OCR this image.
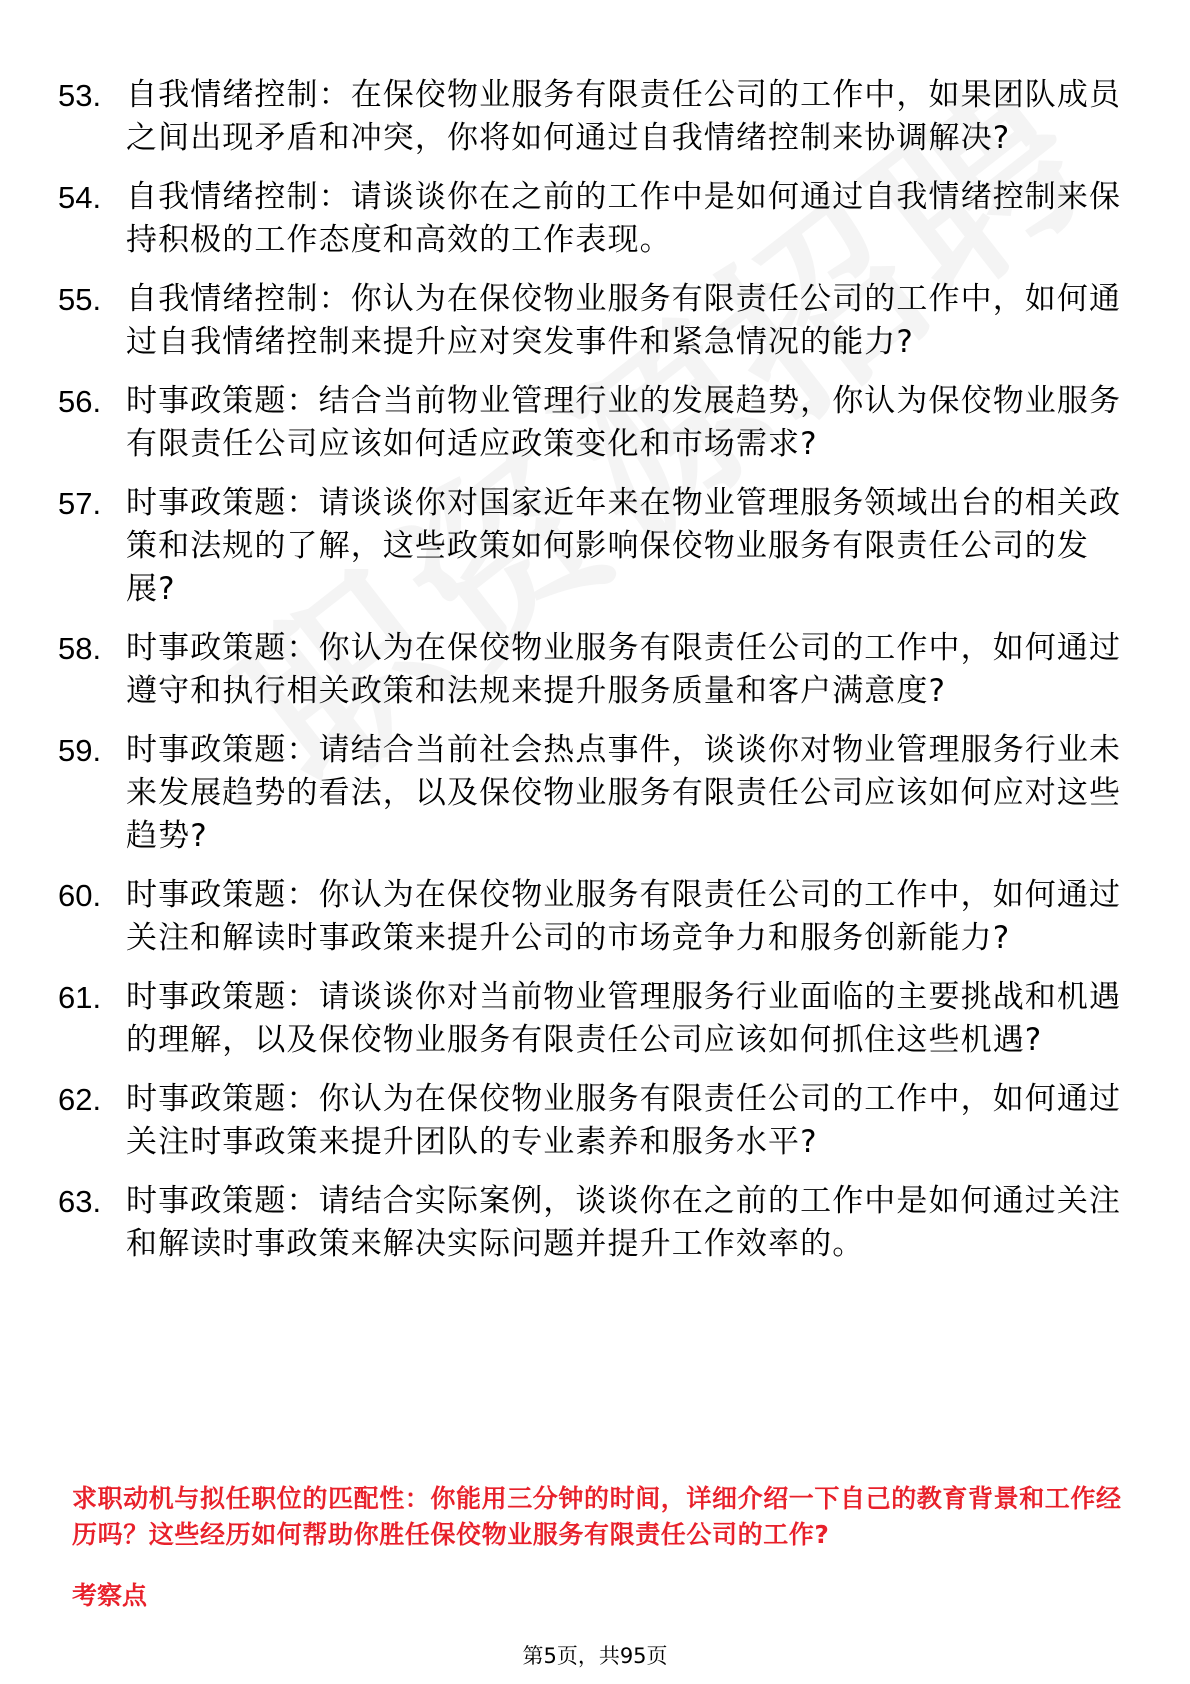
53. 自我情绪控制：在保佼物业服务有限责任公司的工作中，如果团队成员之间出现矛盾和冲突，你将如何通过自我情绪控制来协调解决?
54. 自我情绪控制：请谈谈你在之前的工作中是如何通过自我情绪控制来保持积极的工作态度和高效的工作表现。
55. 自我情绪控制：你认为在保佼物业服务有限责任公司的工作中，如何通过自我情绪控制来提升应对突发事件和紧急情况的能力?
56. 时事政策题：结合当前物业管理行业的发展趋势，你认为保佼物业服务有限责任公司应该如何适应政策变化和市场需求?
57. 时事政策题：请谈谈你对国家近年来在物业管理服务领域出台的相关政策和法规的了解，这些政策如何影响保佼物业服务有限责任公司的发展?
58. 时事政策题：你认为在保佼物业服务有限责任公司的工作中，如何通过遵守和执行相关政策和法规来提升服务质量和客户满意度?
59. 时事政策题：请结合当前社会热点事件，谈谈你对物业管理服务行业未来发展趋势的看法，以及保佼物业服务有限责任公司应该如何应对这些趋势?
60. 时事政策题：你认为在保佼物业服务有限责任公司的工作中，如何通过关注和解读时事政策来提升公司的市场竞争力和服务创新能力?
61. 时事政策题：请谈谈你对当前物业管理服务行业面临的主要挑战和机遇的理解，以及保佼物业服务有限责任公司应该如何抓住这些机遇?
62. 时事政策题：你认为在保佼物业服务有限责任公司的工作中，如何通过关注时事政策来提升团队的专业素养和服务水平?
63. 时事政策题：请结合实际案例，谈谈你在之前的工作中是如何通过关注和解读时事政策来解决实际问题并提升工作效率的。
求职动机与拟任职位的匹配性：你能用三分钟的时间，详细介绍一下自己的教育背景和工作经历吗？这些经历如何帮助你胜任保佼物业服务有限责任公司的工作?
考察点
第5页，共95页
